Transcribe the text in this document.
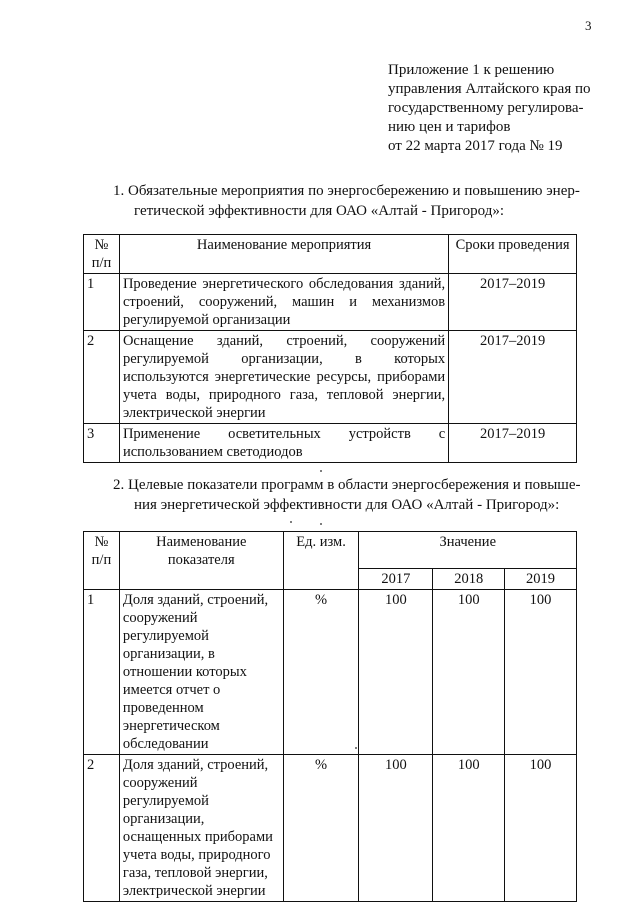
3
Приложение 1 к решению
управления Алтайского края по
государственному регулирова-
нию цен и тарифов
от 22 марта 2017 года № 19
1. Обязательные мероприятия по энергосбережению и повышению энер-
гетической эффективности для ОАО «Алтай - Пригород»:
№ п/п	Наименование мероприятия	Сроки проведения
1	Проведение энергетического обследования зданий, строений, сооружений, машин и механизмов регулируемой организации	2017–2019
2	Оснащение зданий, строений, сооружений регулируемой организации, в которых используются энергетические ресурсы, приборами учета воды, природного газа, тепловой энергии, электрической энергии	2017–2019
3	Применение осветительных устройств с использованием светодиодов	2017–2019
2. Целевые показатели программ в области энергосбережения и повыше-
ния энергетической эффективности для ОАО «Алтай - Пригород»:
№ п/п	Наименование показателя	Ед. изм.	Значение		
			2017	2018	2019
1	Доля зданий, строений, сооружений регулируемой организации, в отношении которых имеется отчет о проведенном энергетическом обследовании	%	100	100	100
2	Доля зданий, строений, сооружений регулируемой организации, оснащенных приборами учета воды, природного газа, тепловой энергии, электрической энергии	%	100	100	100
